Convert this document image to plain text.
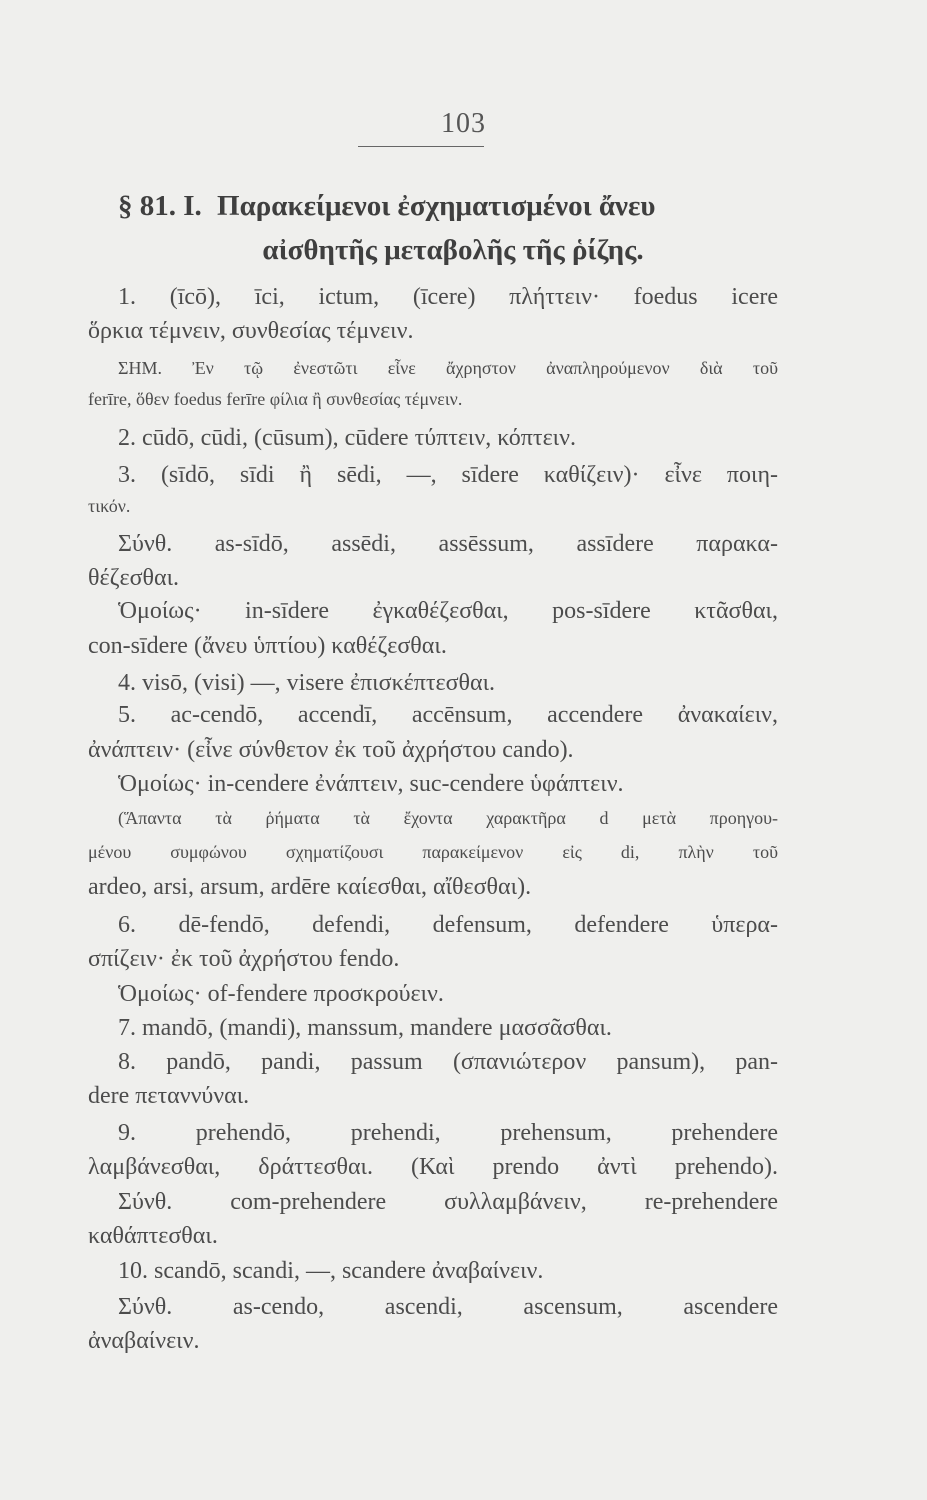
103
§ 81. I. Παρακείμενοι ἐσχηματισμένοι ἄνευ
αἰσθητῆς μεταβολῆς τῆς ῥίζης.
1. (īcō), īci, ictum, (īcere) πλήττειν· foedus icere
ὅρκια τέμνειν, συνθεσίας τέμνειν.
ΣΗΜ. Ἐν τῷ ἐνεστῶτι εἶνε ἄχρηστον ἀναπληρούμενον διὰ τοῦ
ferīre, ὅθεν foedus ferīre φίλια ἢ συνθεσίας τέμνειν.
2. cūdō, cūdi, (cūsum), cūdere τύπτειν, κόπτειν.
3. (sīdō, sīdi ἢ sēdi, —, sīdere καθίζειν)· εἶνε ποιη-
τικόν.
Σύνθ. as-sīdō, assēdi, assēssum, assīdere παρακα-
θέζεσθαι.
Ὁμοίως· in-sīdere ἐγκαθέζεσθαι, pos-sīdere κτᾶσθαι,
con-sīdere (ἄνευ ὑπτίου) καθέζεσθαι.
4. visō, (visi) —, visere ἐπισκέπτεσθαι.
5. ac-cendō, accendī, accēnsum, accendere ἀνακαίειν,
ἀνάπτειν· (εἶνε σύνθετον ἐκ τοῦ ἀχρήστου cando).
Ὁμοίως· in-cendere ἐνάπτειν, suc-cendere ὑφάπτειν.
(Ἅπαντα τὰ ῥήματα τὰ ἔχοντα χαρακτῆρα d μετὰ προηγου-
μένου συμφώνου σχηματίζουσι παρακείμενον εἰς di, πλὴν τοῦ
ardeo, arsi, arsum, ardēre καίεσθαι, αἴθεσθαι).
6. dē-fendō, defendi, defensum, defendere ὑπερα-
σπίζειν· ἐκ τοῦ ἀχρήστου fendo.
Ὁμοίως· of-fendere προσκρούειν.
7. mandō, (mandi), manssum, mandere μασσᾶσθαι.
8. pandō, pandi, passum (σπανιώτερον pansum), pan-
dere πεταννύναι.
9. prehendō, prehendi, prehensum, prehendere
λαμβάνεσθαι, δράττεσθαι. (Καὶ prendo ἀντὶ prehendo).
Σύνθ. com-prehendere συλλαμβάνειν, re-prehendere
καθάπτεσθαι.
10. scandō, scandi, —, scandere ἀναβαίνειν.
Σύνθ. as-cendo, ascendi, ascensum, ascendere
ἀναβαίνειν.
